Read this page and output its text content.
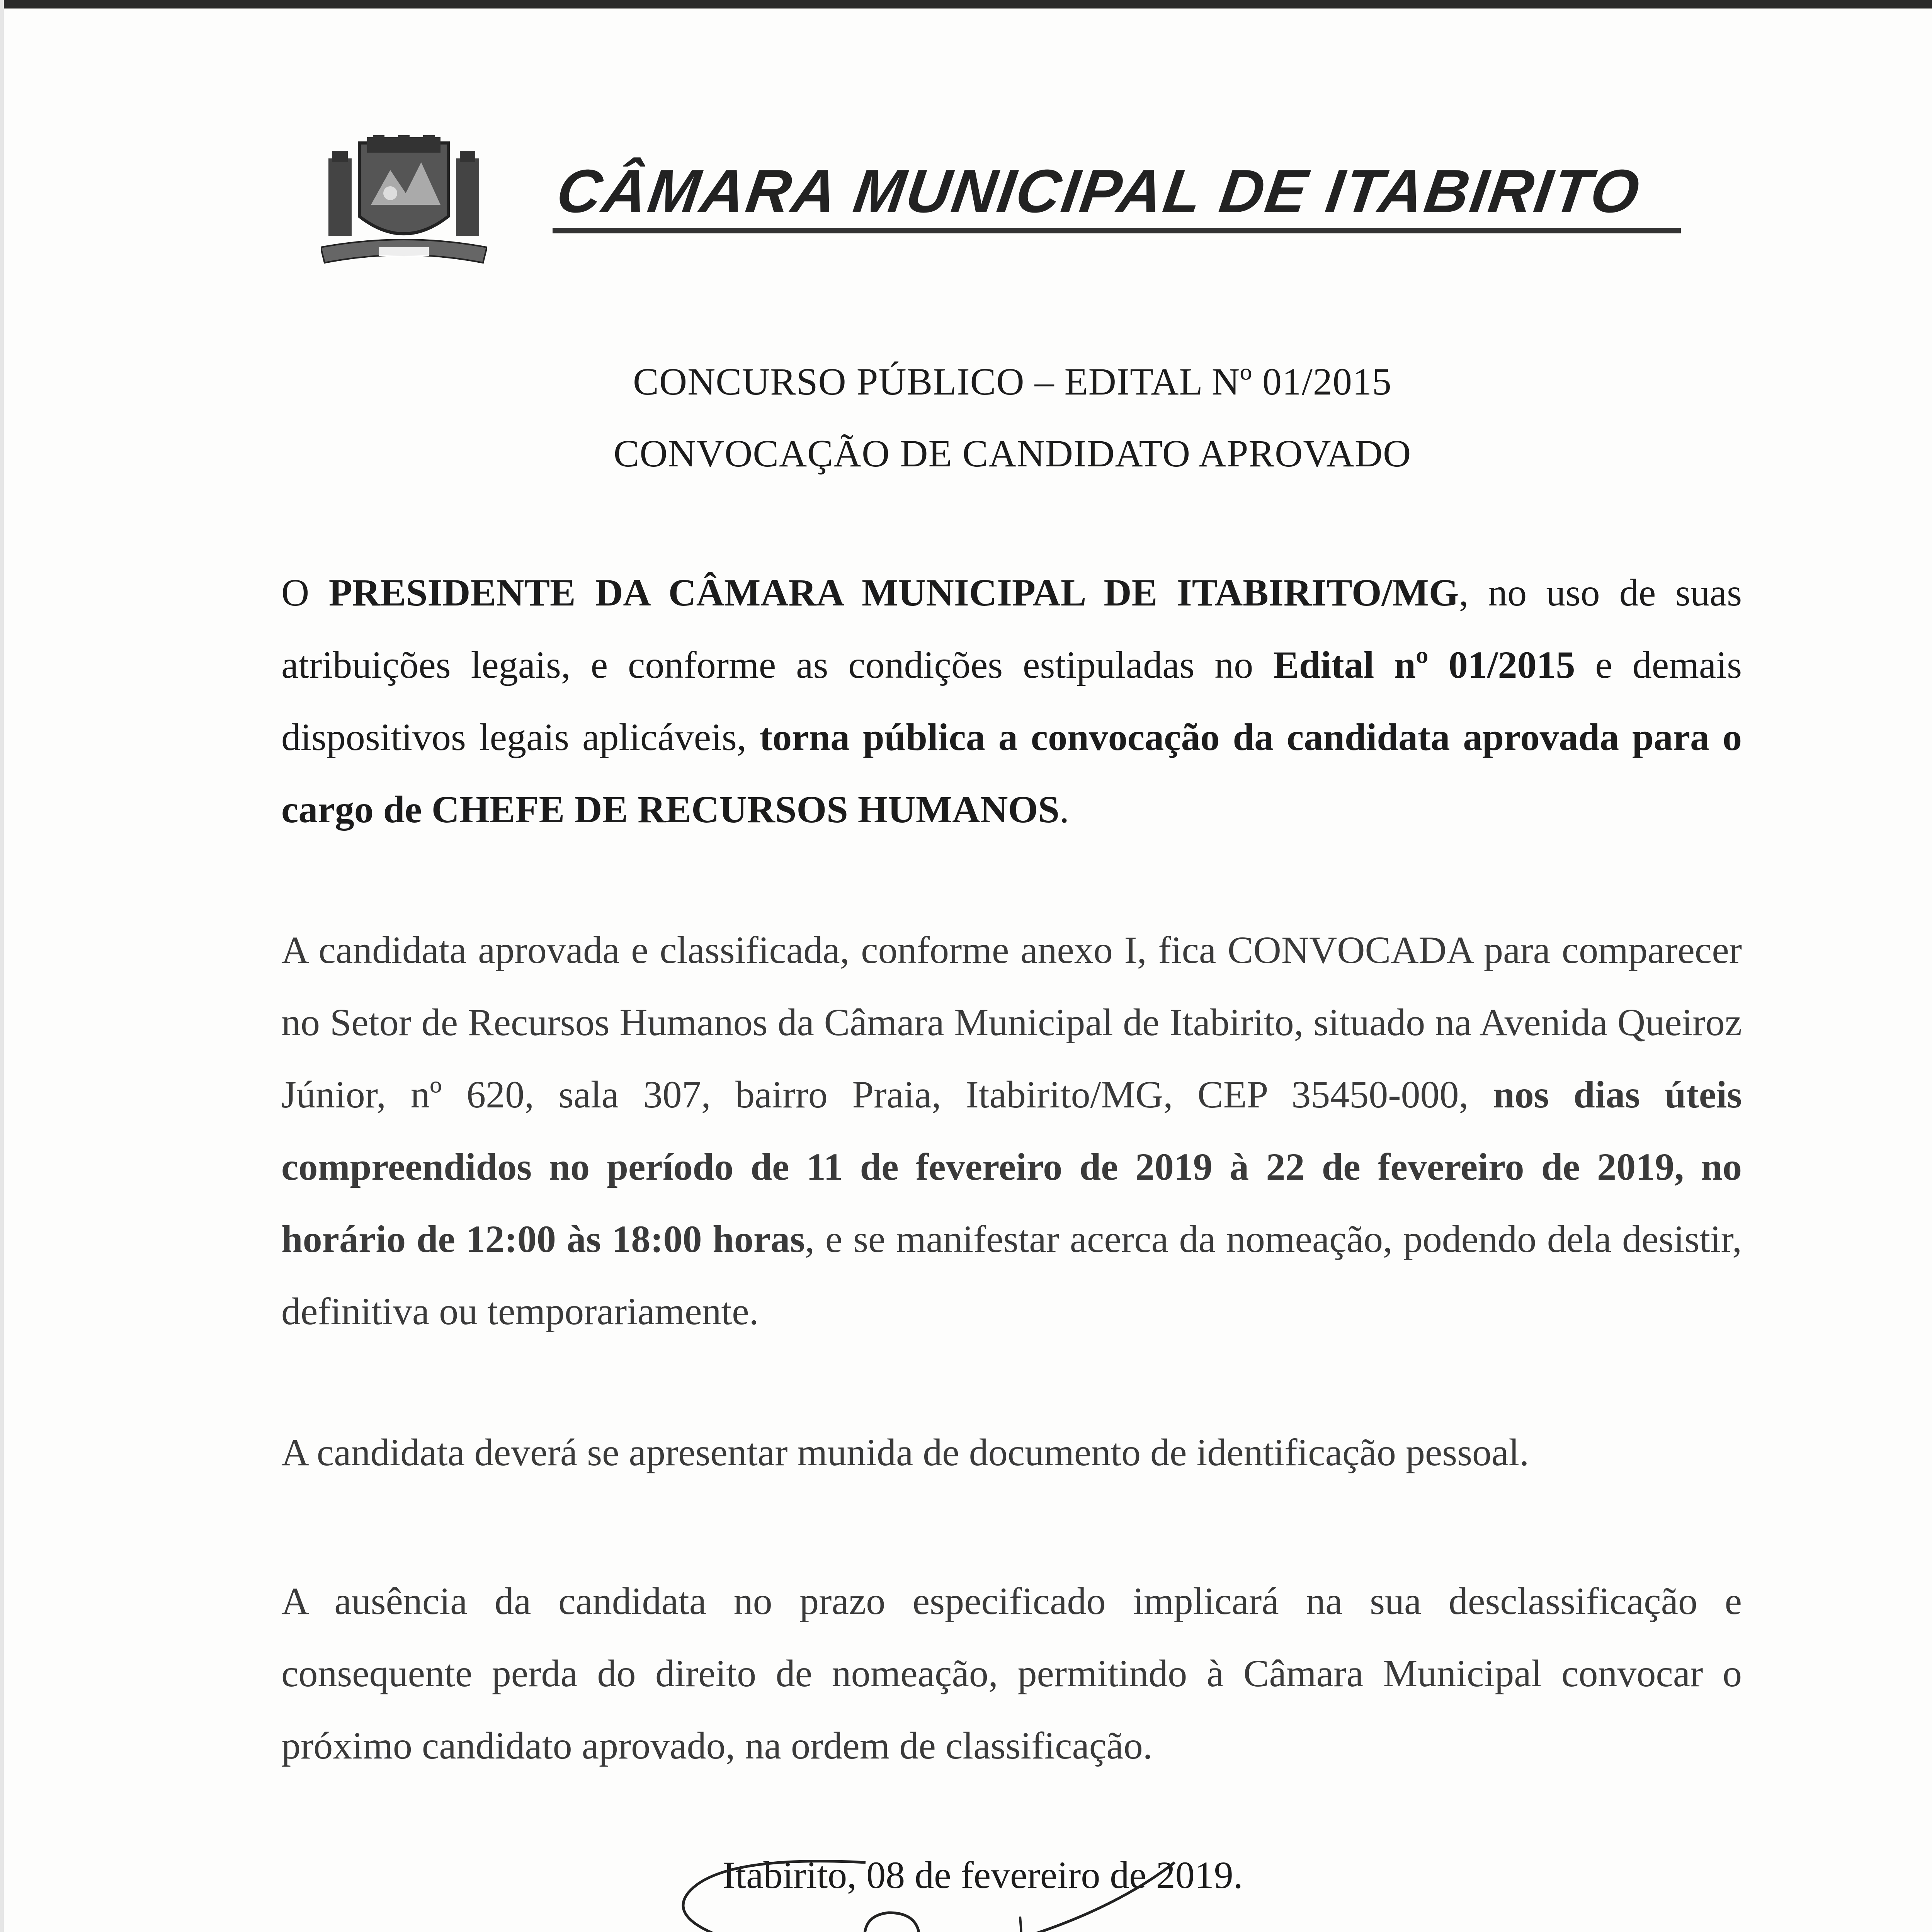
CÂMARA MUNICIPAL DE ITABIRITO
CONCURSO PÚBLICO – EDITAL Nº 01/2015
CONVOCAÇÃO DE CANDIDATO APROVADO
O PRESIDENTE DA CÂMARA MUNICIPAL DE ITABIRITO/MG, no uso de suas atribuições legais, e conforme as condições estipuladas no Edital nº 01/2015 e demais dispositivos legais aplicáveis, torna pública a convocação da candidata aprovada para o cargo de CHEFE DE RECURSOS HUMANOS.
A candidata aprovada e classificada, conforme anexo I, fica CONVOCADA para comparecer no Setor de Recursos Humanos da Câmara Municipal de Itabirito, situado na Avenida Queiroz Júnior, nº 620, sala 307, bairro Praia, Itabirito/MG, CEP 35450-000, nos dias úteis compreendidos no período de 11 de fevereiro de 2019 à 22 de fevereiro de 2019, no horário de 12:00 às 18:00 horas, e se manifestar acerca da nomeação, podendo dela desistir, definitiva ou temporariamente.
A candidata deverá se apresentar munida de documento de identificação pessoal.
A ausência da candidata no prazo especificado implicará na sua desclassificação e consequente perda do direito de nomeação, permitindo à Câmara Municipal convocar o próximo candidato aprovado, na ordem de classificação.
Itabirito, 08 de fevereiro de 2019.
